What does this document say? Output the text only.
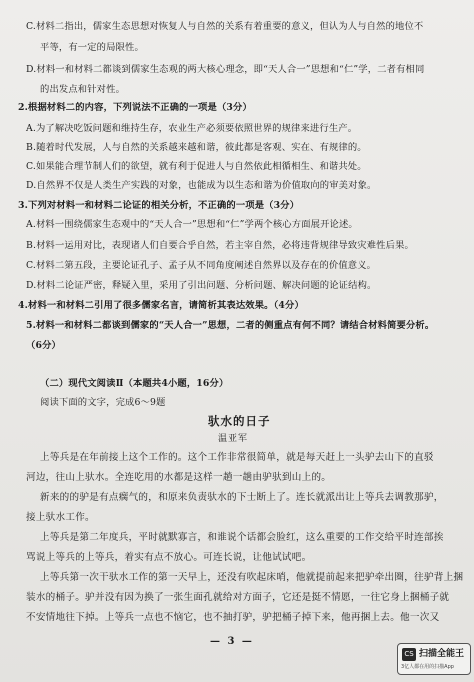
C.材料二指出，儒家生态思想对恢复人与自然的关系有着重要的意义，但认为人与自然的地位不

平等，有一定的局限性。

D.材料一和材料二都谈到儒家生态观的两大核心理念，即“天人合一”思想和“仁”学，二者有相同

的出发点和针对性。

2.根据材料二的内容，下列说法不正确的一项是（3分）

A.为了解决吃饭问题和维持生存，农业生产必须要依照世界的规律来进行生产。

B.随着时代发展，人与自然的关系越来越和谐，彼此都是客观、实在、有规律的。

C.如果能合理节制人们的欲望，就有利于促进人与自然依此相循相生、和谐共处。

D.自然界不仅是人类生产实践的对象，也能成为以生态和谐为价值取向的审美对象。

3.下列对材料一和材料二论证的相关分析，不正确的一项是（3分）

A.材料一围绕儒家生态观中的“天人合一”思想和“仁”学两个核心方面展开论述。

B.材料一运用对比，表现诸人们自要合乎自然，若主宰自然，必将违背规律导致灾难性后果。

C.材料二第五段，主要论证孔子、孟子从不同角度阐述自然界以及存在的价值意义。

D.材料二论证严密，释疑入里，采用了引出问题、分析问题、解决问题的论证结构。

4.材料一和材料二引用了很多儒家名言，请简析其表达效果。（4分）

5.材料一和材料二都谈到儒家的“天人合一”思想，二者的侧重点有何不同？请结合材料简要分析。

（6分）

（二）现代文阅读Ⅱ（本题共4小题，16分）

阅读下面的文字，完成6～9题

驮水的日子

温亚军

上等兵是在年前接上这个工作的。这个工作非常很简单，就是每天赶上一头驴去山下的直驳

河边，往山上驮水。全连吃用的水都是这样一趟一趟由驴驮到山上的。

新来的的驴是有点瘸气的，和原来负责驮水的下士断上了。连长就派出让上等兵去调教那驴，

接上驮水工作。

上等兵是第二年度兵，平时就默寡言，和谁说个话都会脸红，这么重要的工作交给平时连部挨

骂说上等兵的上等兵，着实有点不放心。可连长说，让他试试吧。

上等兵第一次干驮水工作的第一天早上，还没有吹起床哨，他就提前起来把驴牵出圈，往驴背上捆

装水的桶子。驴并没有因为换了一张生面孔就给对方面子，它还是挺不情愿，一往它身上捆桶子就

不安情地往下掉。上等兵一点也不恼它，也不抽打驴，驴把桶子掉下来，他再捆上去。他一次又

— 3 —

CS 扫描全能王
3亿人都在用的扫描App
